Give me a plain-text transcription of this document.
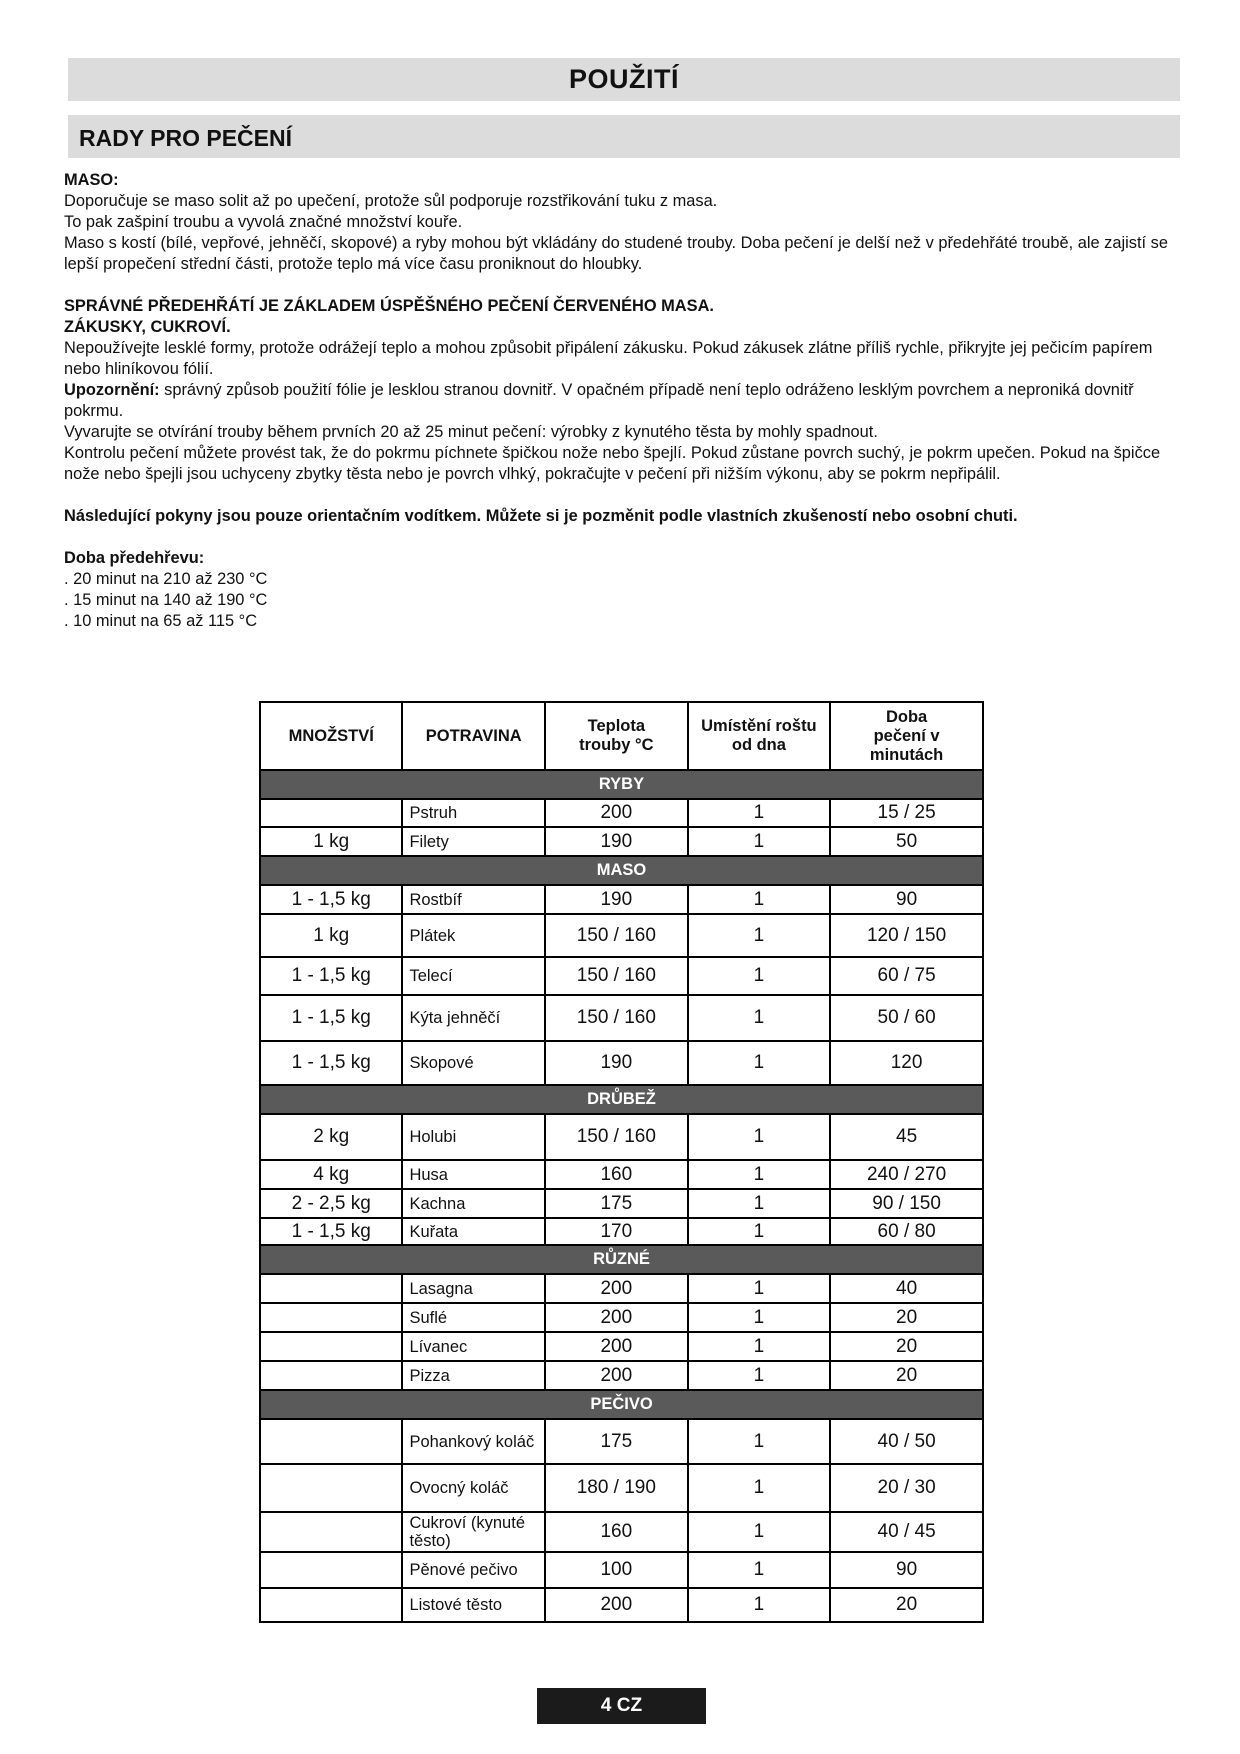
POUŽITÍ
RADY PRO PEČENÍ

MASO:

Doporučuje se maso solit až po upečení, protože sůl podporuje rozstřikování tuku z masa.

To pak zašpiní troubu a vyvolá značné množství kouře.

Maso s kostí (bílé, vepřové, jehněčí, skopové) a ryby mohou být vkládány do studené trouby. Doba pečení je delší než v předehřáté troubě, ale zajistí se lepší propečení střední části, protože teplo má více času proniknout do hloubky.

SPRÁVNÉ PŘEDEHŘÁTÍ JE ZÁKLADEM ÚSPĚŠNÉHO PEČENÍ ČERVENÉHO MASA.

ZÁKUSKY, CUKROVÍ.

Nepoužívejte lesklé formy, protože odrážejí teplo a mohou způsobit připálení zákusku. Pokud zákusek zlátne příliš rychle, přikryjte jej pečicím papírem nebo hliníkovou fólií.

Upozornění: správný způsob použití fólie je lesklou stranou dovnitř. V opačném případě není teplo odráženo lesklým povrchem a neproniká dovnitř pokrmu.

Vyvarujte se otvírání trouby během prvních 20 až 25 minut pečení: výrobky z kynutého těsta by mohly spadnout.

Kontrolu pečení můžete provést tak, že do pokrmu píchnete špičkou nože nebo špejlí. Pokud zůstane povrch suchý, je pokrm upečen. Pokud na špičce nože nebo špejli jsou uchyceny zbytky těsta nebo je povrch vlhký, pokračujte v pečení při nižším výkonu, aby se pokrm nepřipálil.

Následující pokyny jsou pouze orientačním vodítkem. Můžete si je pozměnit podle vlastních zkušeností nebo osobní chuti.

Doba předehřevu:

. 20 minut na 210 až 230 °C

. 15 minut na 140 až 190 °C

. 10 minut na 65 až 115 °C

MNOŽSTVÍ	POTRAVINA	Teplota trouby °C	Umístění roštu od dna	Doba pečení v minutách
RYBY				
	Pstruh	200	1	15 / 25
1 kg	Filety	190	1	50
MASO				
1 - 1,5 kg	Rostbíf	190	1	90
1 kg	Plátek	150 / 160	1	120 / 150
1 - 1,5 kg	Telecí	150 / 160	1	60 / 75
1 - 1,5 kg	Kýta jehněčí	150 / 160	1	50 / 60
1 - 1,5 kg	Skopové	190	1	120
DRŮBEŽ				
2 kg	Holubi	150 / 160	1	45
4 kg	Husa	160	1	240 / 270
2 - 2,5 kg	Kachna	175	1	90 / 150
1 - 1,5 kg	Kuřata	170	1	60 / 80
RŮZNÉ				
	Lasagna	200	1	40
	Suflé	200	1	20
	Lívanec	200	1	20
	Pizza	200	1	20
PEČIVO				
	Pohankový koláč	175	1	40 / 50
	Ovocný koláč	180 / 190	1	20 / 30
	Cukroví (kynuté těsto)	160	1	40 / 45
	Pěnové pečivo	100	1	90
	Listové těsto	200	1	20
4 CZ
